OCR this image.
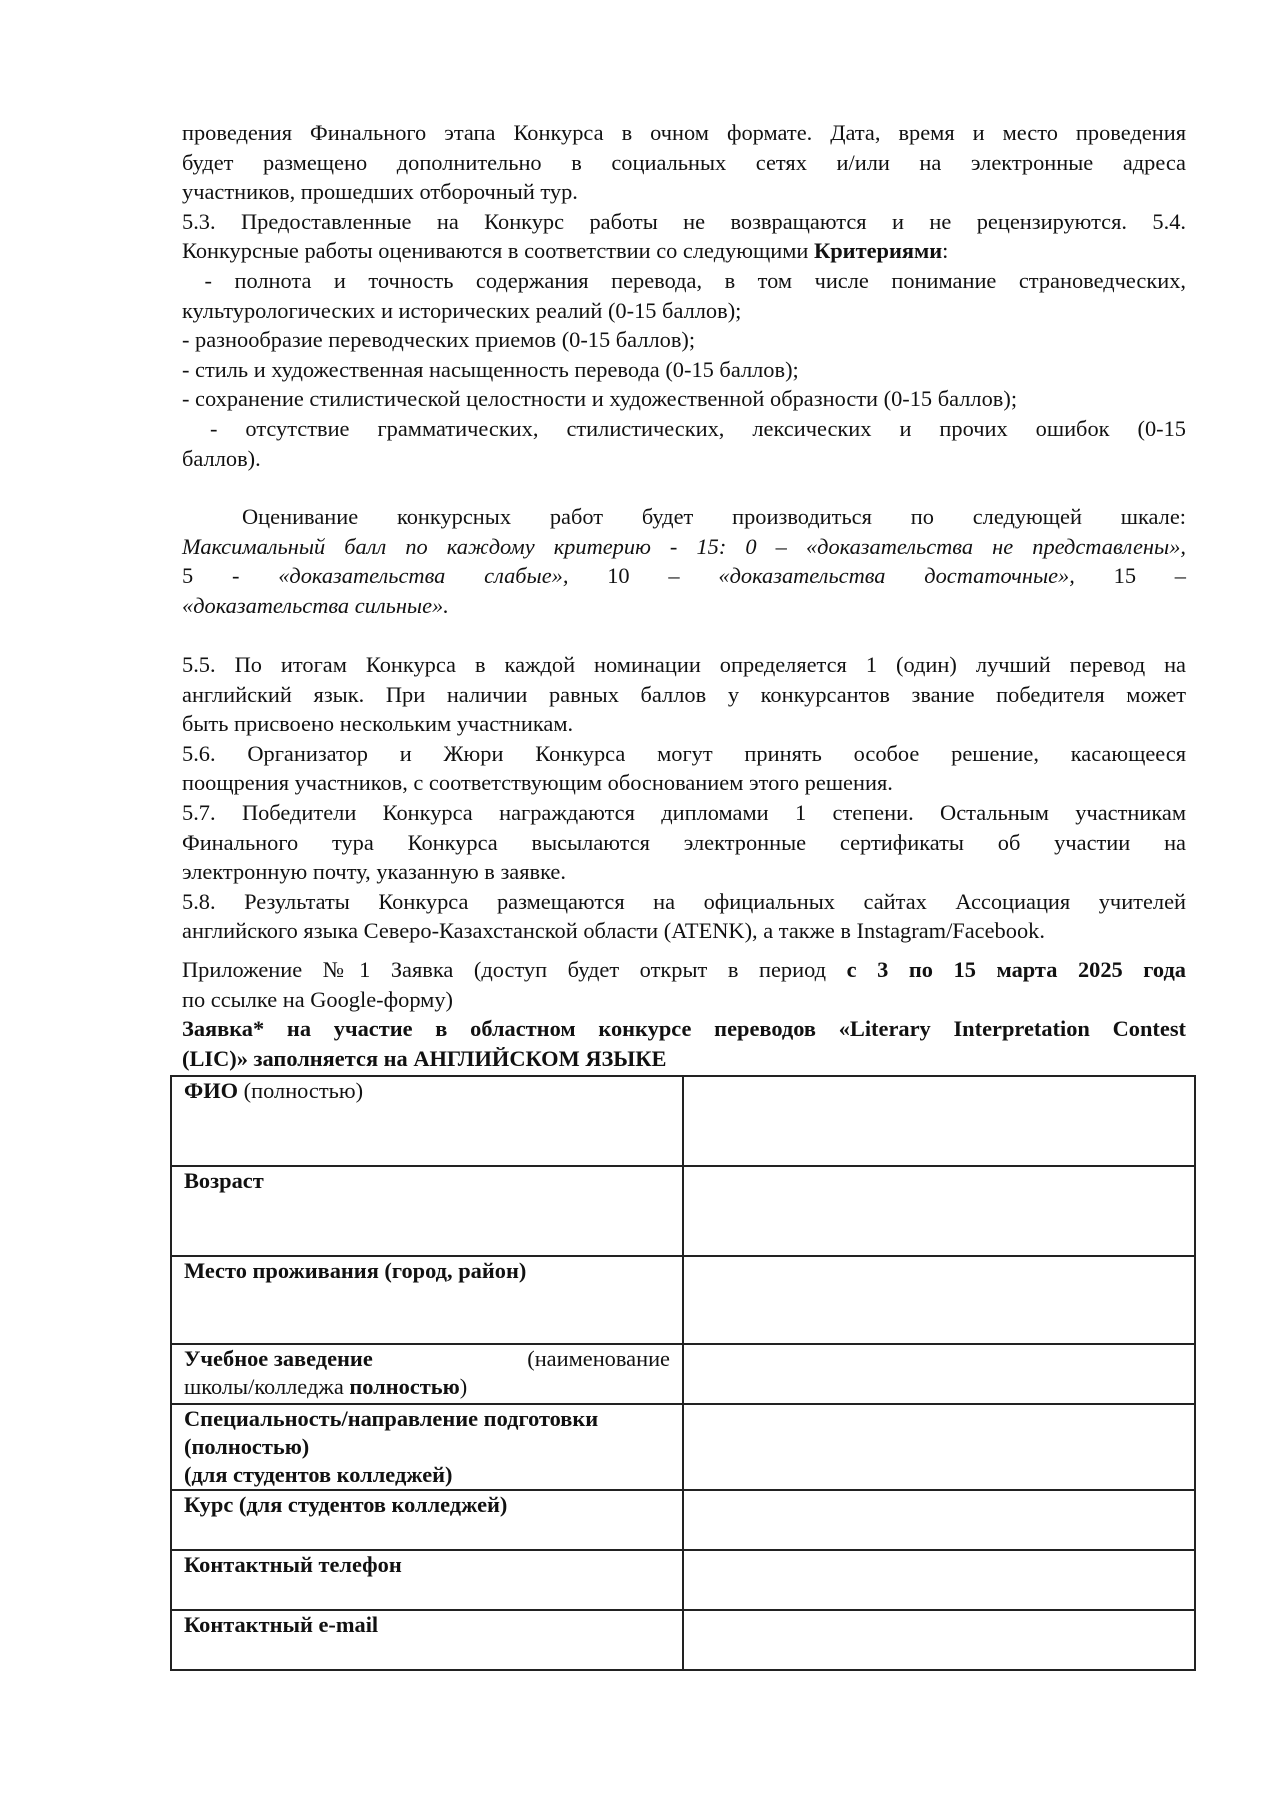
проведения Финального этапа Конкурса в очном формате. Дата, время и место проведения

будет размещено дополнительно в социальных сетях и/или на электронные адреса

участников, прошедших отборочный тур.

5.3. Предоставленные на Конкурс работы не возвращаются и не рецензируются. 5.4.

Конкурсные работы оцениваются в соответствии со следующими Критериями:

- полнота и точность содержания перевода, в том числе понимание страноведческих,

культурологических и исторических реалий (0-15 баллов);

- разнообразие переводческих приемов (0-15 баллов);

- стиль и художественная насыщенность перевода (0-15 баллов);

- сохранение стилистической целостности и художественной образности (0-15 баллов);

- отсутствие грамматических, стилистических, лексических и прочих ошибок (0-15

баллов).

Оценивание конкурсных работ будет производиться по следующей шкале:

Максимальный балл по каждому критерию - 15: 0 – «доказательства не представлены»,

5 - «доказательства слабые», 10 – «доказательства достаточные», 15 –

«доказательства сильные».

5.5. По итогам Конкурса в каждой номинации определяется 1 (один) лучший перевод на

английский язык. При наличии равных баллов у конкурсантов звание победителя может

быть присвоено нескольким участникам.

5.6. Организатор и Жюри Конкурса могут принять особое решение, касающееся

поощрения участников, с соответствующим обоснованием этого решения.

5.7. Победители Конкурса награждаются дипломами 1 степени. Остальным участникам

Финального тура Конкурса высылаются электронные сертификаты об участии на

электронную почту, указанную в заявке.

5.8. Результаты Конкурса размещаются на официальных сайтах Ассоциация учителей

английского языка Северо-Казахстанской области (ATENK), а также в Instagram/Facebook.

Приложение №1 Заявка (доступ будет открыт в период с 3 по 15 марта 2025 года

по ссылке на Google-форму)

Заявка* на участие в областном конкурсе переводов «Literary Interpretation Contest

(LIC)» заполняется на АНГЛИЙСКОМ ЯЗЫКЕ

ФИО (полностью)	
Возраст	
Место проживания (город, район)	

Учебное заведение (наименование
школы/колледжа полностью)	

Специальность/направление подготовки
(полностью)
(для студентов колледжей)	

Курс (для студентов колледжей)	
Контактный телефон	
Контактный e-mail	
